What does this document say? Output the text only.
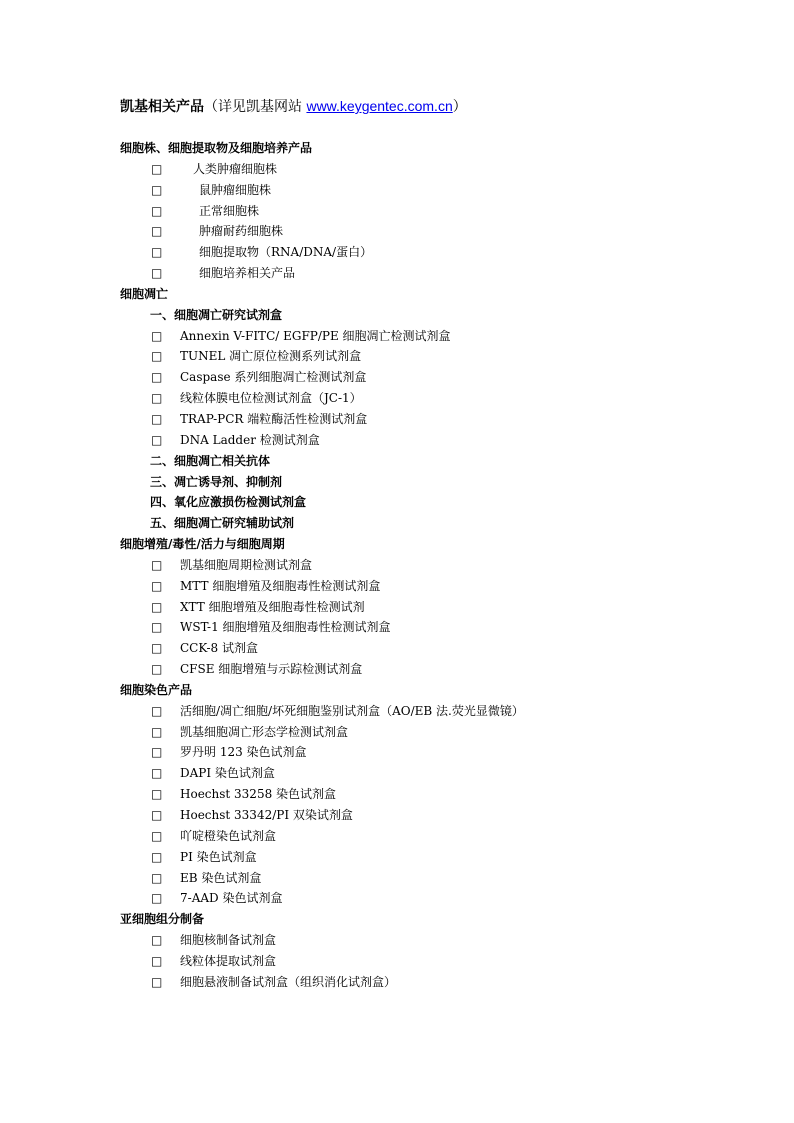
凯基相关产品（详见凯基网站 www.keygentec.com.cn）
细胞株、细胞提取物及细胞培养产品
□	人类肿瘤细胞株
□	鼠肿瘤细胞株
□	正常细胞株
□	肿瘤耐药细胞株
□	细胞提取物（RNA/DNA/蛋白）
□	细胞培养相关产品
细胞凋亡
一、细胞凋亡研究试剂盒
□ Annexin V-FITC/ EGFP/PE 细胞凋亡检测试剂盒
□ TUNEL 凋亡原位检测系列试剂盒
□ Caspase 系列细胞凋亡检测试剂盒
□ 线粒体膜电位检测试剂盒（JC-1）
□ TRAP-PCR 端粒酶活性检测试剂盒
□ DNA Ladder 检测试剂盒
二、细胞凋亡相关抗体
三、凋亡诱导剂、抑制剂
四、氧化应激损伤检测试剂盒
五、细胞凋亡研究辅助试剂
细胞增殖/毒性/活力与细胞周期
□ 凯基细胞周期检测试剂盒
□ MTT 细胞增殖及细胞毒性检测试剂盒
□ XTT 细胞增殖及细胞毒性检测试剂
□ WST-1 细胞增殖及细胞毒性检测试剂盒
□ CCK-8 试剂盒
□ CFSE 细胞增殖与示踪检测试剂盒
细胞染色产品
□ 活细胞/凋亡细胞/坏死细胞鉴别试剂盒（AO/EB 法.荧光显微镜）
□ 凯基细胞凋亡形态学检测试剂盒
□ 罗丹明 123 染色试剂盒
□ DAPI 染色试剂盒
□ Hoechst 33258 染色试剂盒
□ Hoechst 33342/PI 双染试剂盒
□ 吖啶橙染色试剂盒
□ PI 染色试剂盒
□ EB 染色试剂盒
□ 7-AAD 染色试剂盒
亚细胞组分制备
□ 细胞核制备试剂盒
□ 线粒体提取试剂盒
□ 细胞悬液制备试剂盒（组织消化试剂盒）
